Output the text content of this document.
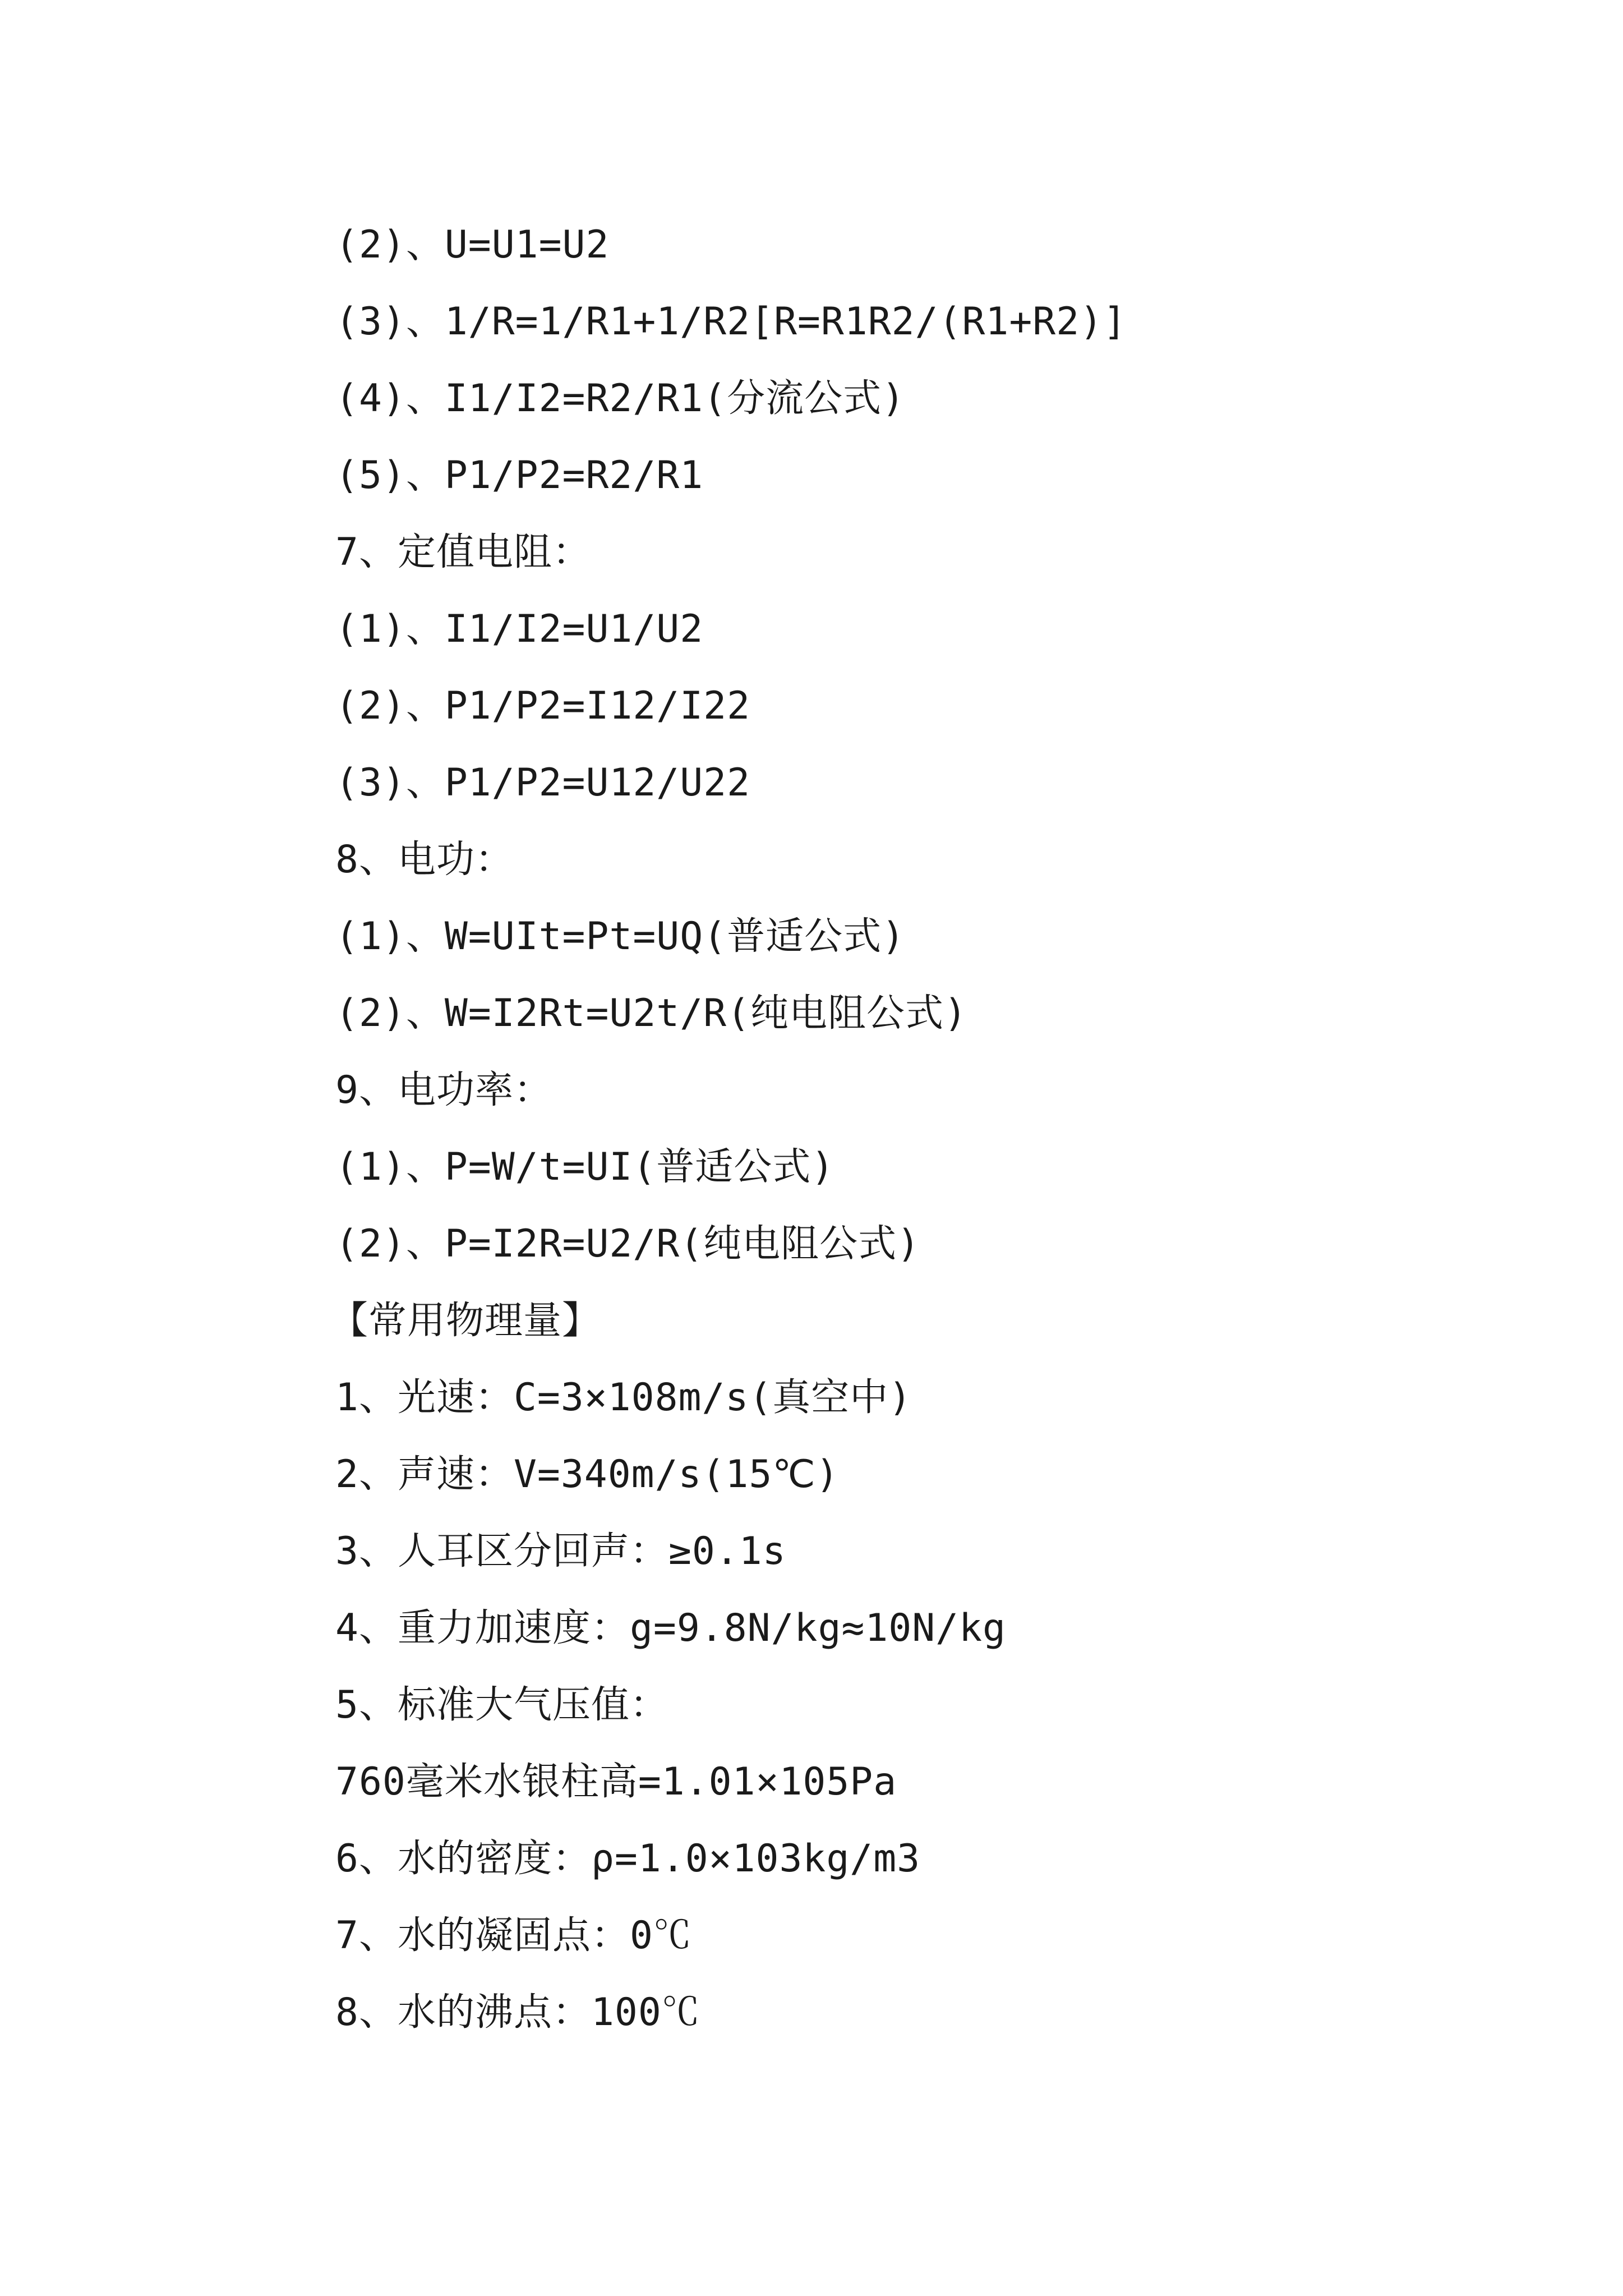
(2)、U=U1=U2
(3)、1/R=1/R1+1/R2[R=R1R2/(R1+R2)]
(4)、I1/I2=R2/R1(分流公式)
(5)、P1/P2=R2/R1
7、定值电阻：
(1)、I1/I2=U1/U2
(2)、P1/P2=I12/I22
(3)、P1/P2=U12/U22
8、电功：
(1)、W=UIt=Pt=UQ(普适公式)
(2)、W=I2Rt=U2t/R(纯电阻公式)
9、电功率：
(1)、P=W/t=UI(普适公式)
(2)、P=I2R=U2/R(纯电阻公式)
【常用物理量】
1、光速：C=3×108m/s(真空中)
2、声速：V=340m/s(15℃)
3、人耳区分回声：≥0.1s
4、重力加速度：g=9.8N/kg≈10N/kg
5、标准大气压值：
760毫米水银柱高=1.01×105Pa
6、水的密度：ρ=1.0×103kg/m3
7、水的凝固点：0℃
8、水的沸点：100℃
